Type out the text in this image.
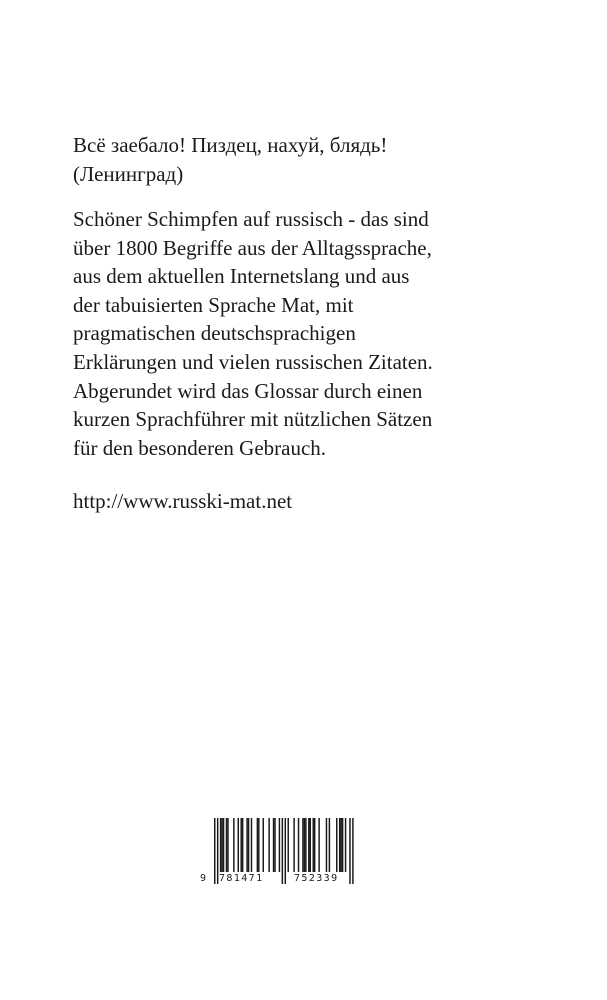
Всё заебало! Пиздец, нахуй, блядь!
(Ленинград)
Schöner Schimpfen auf russisch - das sind
über 1800 Begriffe aus der Alltagssprache,
aus dem aktuellen Internetslang und aus
der tabuisierten Sprache Mat, mit
pragmatischen deutschsprachigen
Erklärungen und vielen russischen Zitaten.
Abgerundet wird das Glossar durch einen
kurzen Sprachführer mit nützlichen Sätzen
für den besonderen Gebrauch.
http://www.russki-mat.net
9 781471	752339
